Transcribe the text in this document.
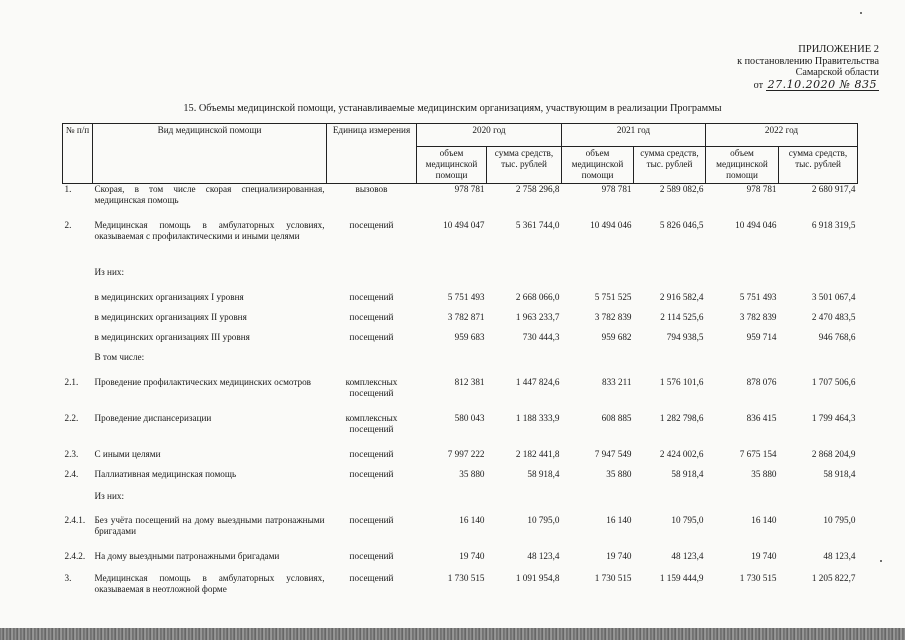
ПРИЛОЖЕНИЕ 2
к постановлению Правительства
Самарской области
от 27.10.2020 № 835
15. Объемы медицинской помощи, устанавливаемые медицинским организациям, участвующим в реализации Программы
№ п/п	Вид медицинской помощи	Единица измерения	2020 год		2021 год		2022 год	
			объем медицинской помощи	сумма средств, тыс. рублей	объем медицинской помощи	сумма средств, тыс. рублей	объем медицинской помощи	сумма средств, тыс. рублей
1.	Скорая, в том числе скорая специализированная, медицинская помощь	вызовов	978 781	2 758 296,8	978 781	2 589 082,6	978 781	2 680 917,4
2.	Медицинская помощь в амбулаторных условиях, оказываемая с профилактическими и иными целями	посещений	10 494 047	5 361 744,0	10 494 046	5 826 046,5	10 494 046	6 918 319,5
	Из них:							
	в медицинских организациях I уровня	посещений	5 751 493	2 668 066,0	5 751 525	2 916 582,4	5 751 493	3 501 067,4
	в медицинских организациях II уровня	посещений	3 782 871	1 963 233,7	3 782 839	2 114 525,6	3 782 839	2 470 483,5
	в медицинских организациях III уровня	посещений	959 683	730 444,3	959 682	794 938,5	959 714	946 768,6
	В том числе:							
2.1.	Проведение профилактических медицинских осмотров	комплексных посещений	812 381	1 447 824,6	833 211	1 576 101,6	878 076	1 707 506,6
2.2.	Проведение диспансеризации	комплексных посещений	580 043	1 188 333,9	608 885	1 282 798,6	836 415	1 799 464,3
2.3.	С иными целями	посещений	7 997 222	2 182 441,8	7 947 549	2 424 002,6	7 675 154	2 868 204,9
2.4.	Паллиативная медицинская помощь	посещений	35 880	58 918,4	35 880	58 918,4	35 880	58 918,4
	Из них:							
2.4.1.	Без учёта посещений на дому выездными патронажными бригадами	посещений	16 140	10 795,0	16 140	10 795,0	16 140	10 795,0
2.4.2.	На дому выездными патронажными бригадами	посещений	19 740	48 123,4	19 740	48 123,4	19 740	48 123,4
3.	Медицинская помощь в амбулаторных условиях, оказываемая в неотложной форме	посещений	1 730 515	1 091 954,8	1 730 515	1 159 444,9	1 730 515	1 205 822,7
